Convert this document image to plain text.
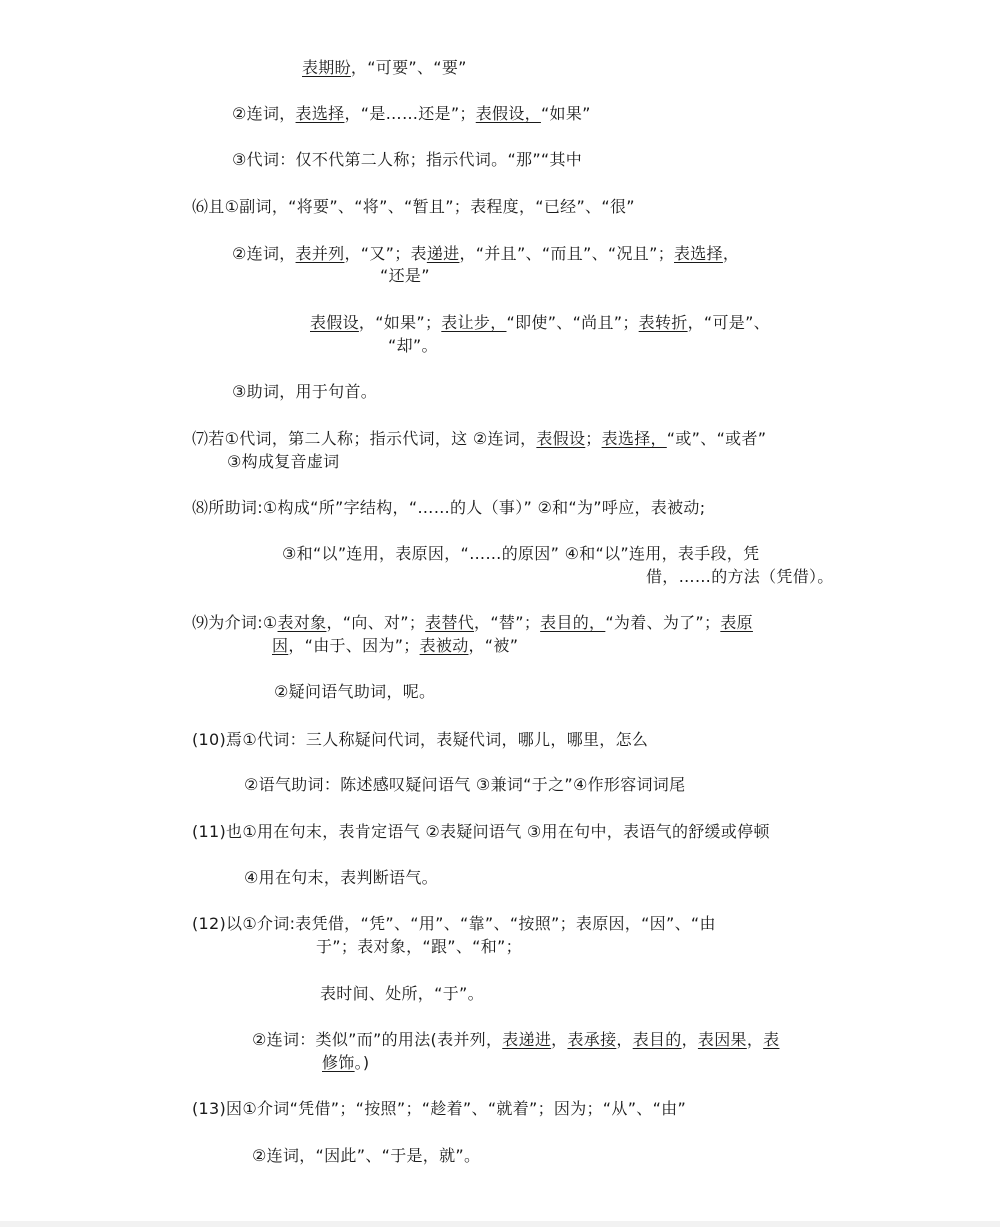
表期盼，“可要”、“要”
②连词，表选择，“是……还是”；表假设，“如果”
③代词：仅不代第二人称；指示代词。“那”“其中
⑹且①副词，“将要”、“将”、“暂且”；表程度，“已经”、“很”
②连词，表并列，“又”；表递进，“并且”、“而且”、“况且”；表选择，
“还是”
表假设，“如果”；表让步，“即使”、“尚且”；表转折，“可是”、
“却”。
③助词，用于句首。
⑺若①代词，第二人称；指示代词，这 ②连词，表假设；表选择，“或”、“或者”
③构成复音虚词
⑻所助词:①构成“所”字结构，“……的人（事）” ②和“为”呼应，表被动;
③和“以”连用，表原因，“……的原因” ④和“以”连用，表手段，凭
借，……的方法（凭借）。
⑼为介词:①表对象，“向、对”；表替代，“替”；表目的，“为着、为了”；表原
因，“由于、因为”；表被动，“被”
②疑问语气助词，呢。
(10)焉①代词：三人称疑问代词，表疑代词，哪儿，哪里，怎么
②语气助词：陈述感叹疑问语气 ③兼词“于之”④作形容词词尾
(11)也①用在句末，表肯定语气 ②表疑问语气 ③用在句中，表语气的舒缓或停顿
④用在句末，表判断语气。
(12)以①介词:表凭借，“凭”、“用”、“靠”、“按照”；表原因，“因”、“由
于”；表对象，“跟”、“和”；
表时间、处所，“于”。
②连词：类似”而”的用法(表并列，表递进，表承接，表目的，表因果，表
修饰。)
(13)因①介词“凭借”；“按照”；“趁着”、“就着”；因为；“从”、“由”
②连词，“因此”、“于是，就”。
